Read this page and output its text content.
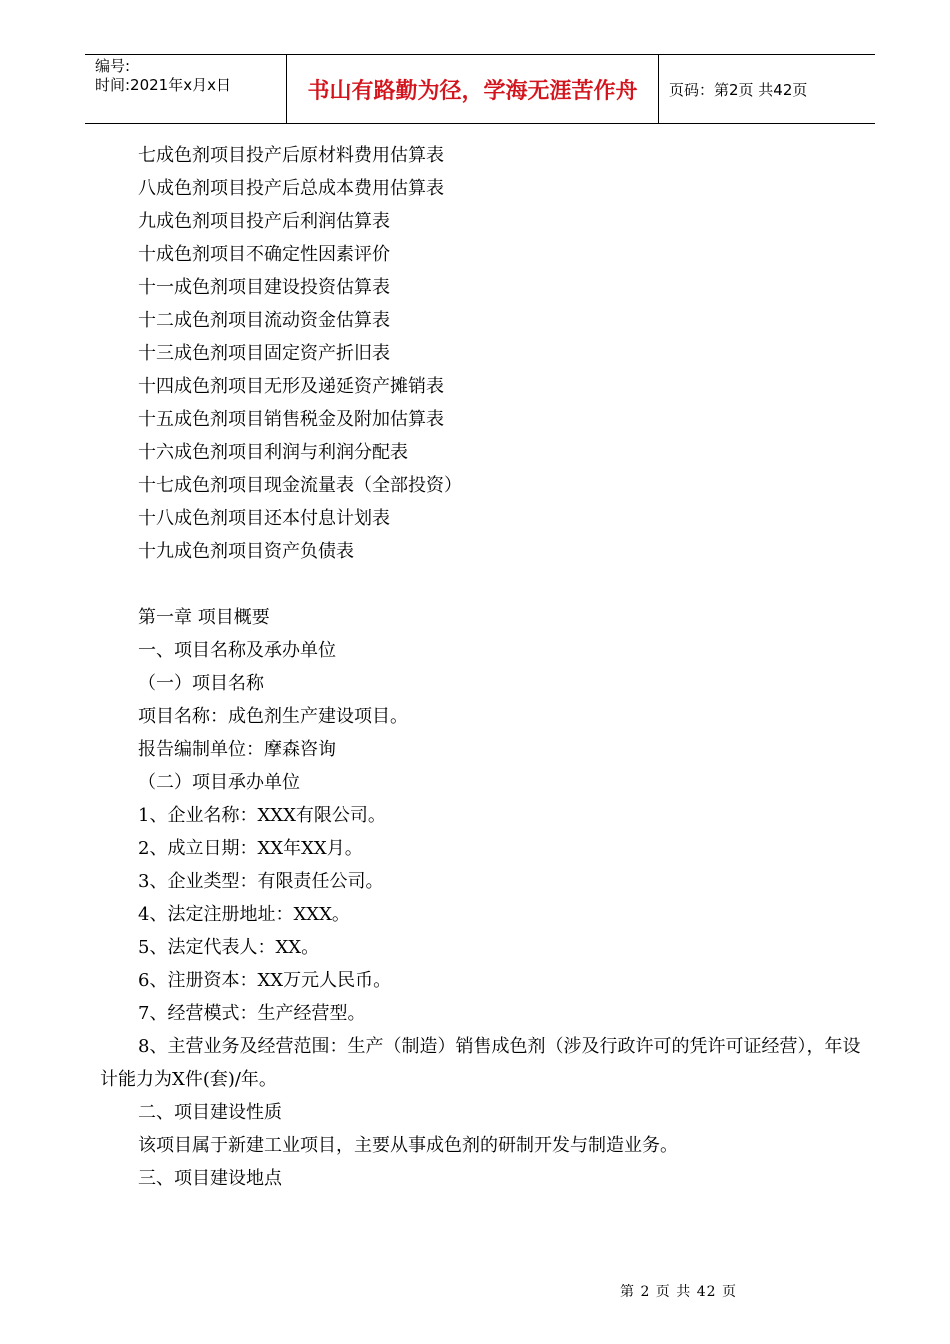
编号:
时间:2021年x月x日	书山有路勤为径，学海无涯苦作舟	页码：第2页 共42页
七成色剂项目投产后原材料费用估算表
八成色剂项目投产后总成本费用估算表
九成色剂项目投产后利润估算表
十成色剂项目不确定性因素评价
十一成色剂项目建设投资估算表
十二成色剂项目流动资金估算表
十三成色剂项目固定资产折旧表
十四成色剂项目无形及递延资产摊销表
十五成色剂项目销售税金及附加估算表
十六成色剂项目利润与利润分配表
十七成色剂项目现金流量表（全部投资）
十八成色剂项目还本付息计划表
十九成色剂项目资产负债表
第一章 项目概要
一、项目名称及承办单位
（一）项目名称
项目名称：成色剂生产建设项目。
报告编制单位：摩森咨询
（二）项目承办单位
1、企业名称：XXX有限公司。
2、成立日期：XX年XX月。
3、企业类型：有限责任公司。
4、法定注册地址：XXX。
5、法定代表人：XX。
6、注册资本：XX万元人民币。
7、经营模式：生产经营型。
8、主营业务及经营范围：生产（制造）销售成色剂（涉及行政许可的凭许可证经营），年设计能力为X件(套)/年。
二、项目建设性质
该项目属于新建工业项目，主要从事成色剂的研制开发与制造业务。
三、项目建设地点
第 2 页 共 42 页
